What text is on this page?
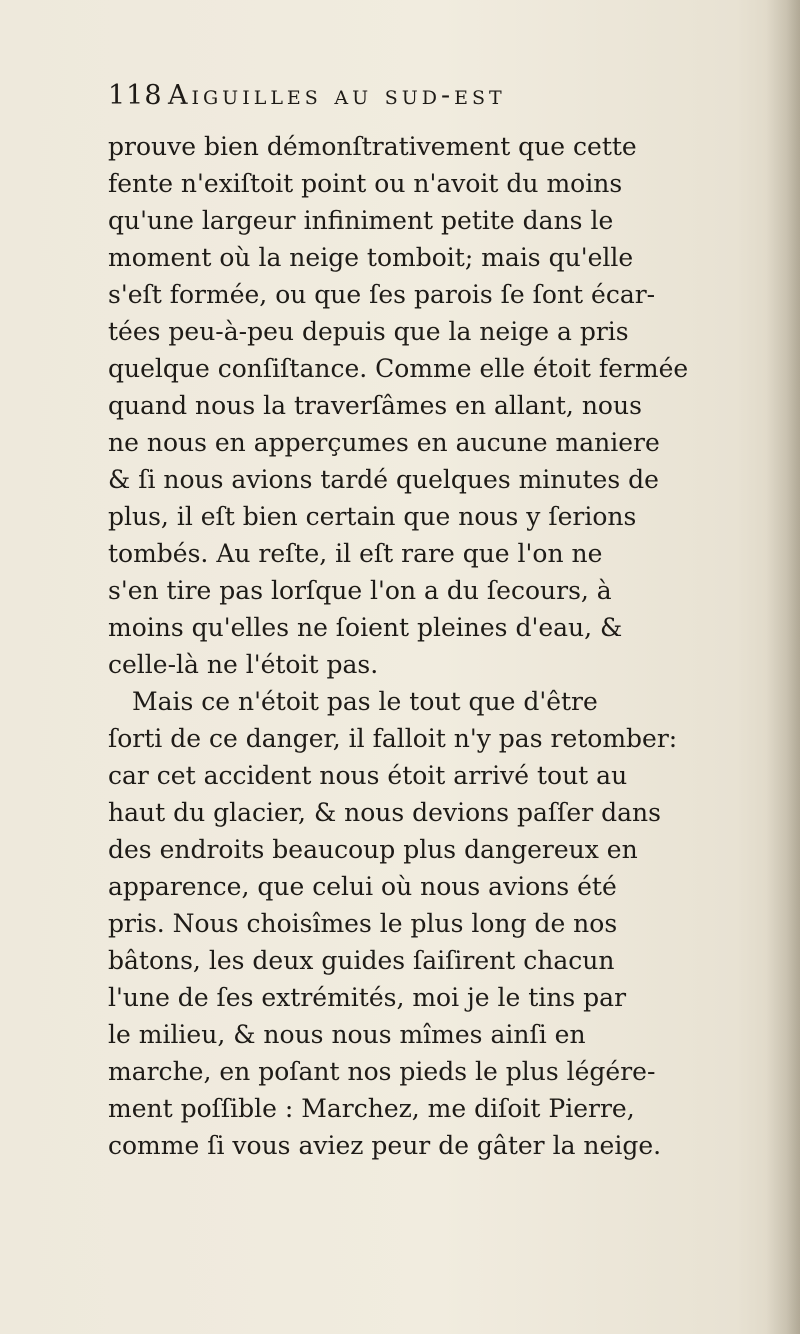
118 Aiguilles au sud-est
prouve bien démonſtrativement que cette
fente n'exiſtoit point ou n'avoit du moins
qu'une largeur infiniment petite dans le
moment où la neige tomboit; mais qu'elle
s'eſt formée, ou que ſes parois ſe ſont écar-
tées peu-à-peu depuis que la neige a pris
quelque conſiſtance. Comme elle étoit fermée
quand nous la traverſâmes en allant, nous
ne nous en apperçumes en aucune maniere
& ſi nous avions tardé quelques minutes de
plus, il eſt bien certain que nous y ſerions
tombés. Au reſte, il eſt rare que l'on ne
s'en tire pas lorſque l'on a du ſecours, à
moins qu'elles ne ſoient pleines d'eau, &
celle-là ne l'étoit pas.
Mais ce n'étoit pas le tout que d'être
ſorti de ce danger, il falloit n'y pas retomber:
car cet accident nous étoit arrivé tout au
haut du glacier, & nous devions paſſer dans
des endroits beaucoup plus dangereux en
apparence, que celui où nous avions été
pris. Nous choisîmes le plus long de nos
bâtons, les deux guides ſaiſirent chacun
l'une de ſes extrémités, moi je le tins par
le milieu, & nous nous mîmes ainſi en
marche, en poſant nos pieds le plus légére-
ment poſſible : Marchez, me diſoit Pierre,
comme ſi vous aviez peur de gâter la neige.
